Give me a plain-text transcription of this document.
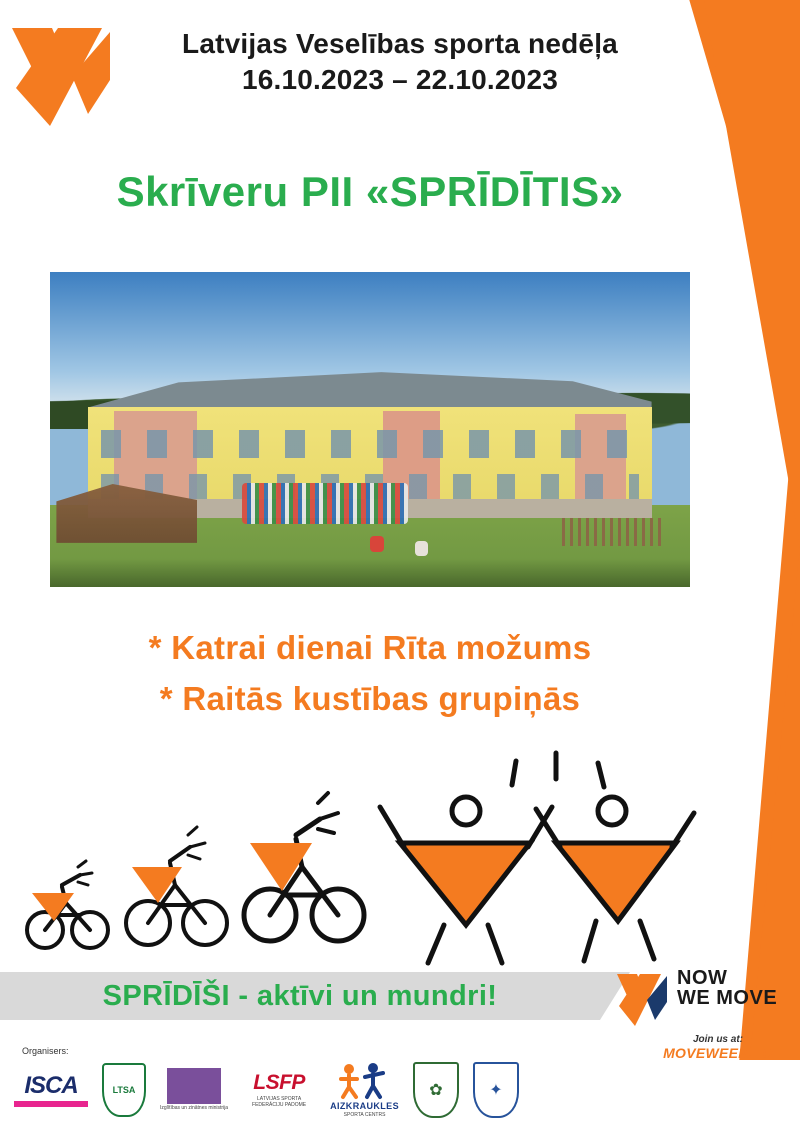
Latvijas Veselības sporta nedēļa
16.10.2023 – 22.10.2023
Skrīveru PII «SPRĪDĪTIS»
* Katrai dienai Rīta možums
* Raitās kustības grupiņās
SPRĪDĪŠI - aktīvi un mundri!
NOW
WE MOVE
Join us at:
MOVEWEEK.EU
Organisers:
ISCA	LTSA
Izglītības un zinātnes ministrija
LSFP
LATVIJAS SPORTA FEDERĀCIJU PADOME	AIZKRAUKLES
SPORTA CENTRS
✿	✦
